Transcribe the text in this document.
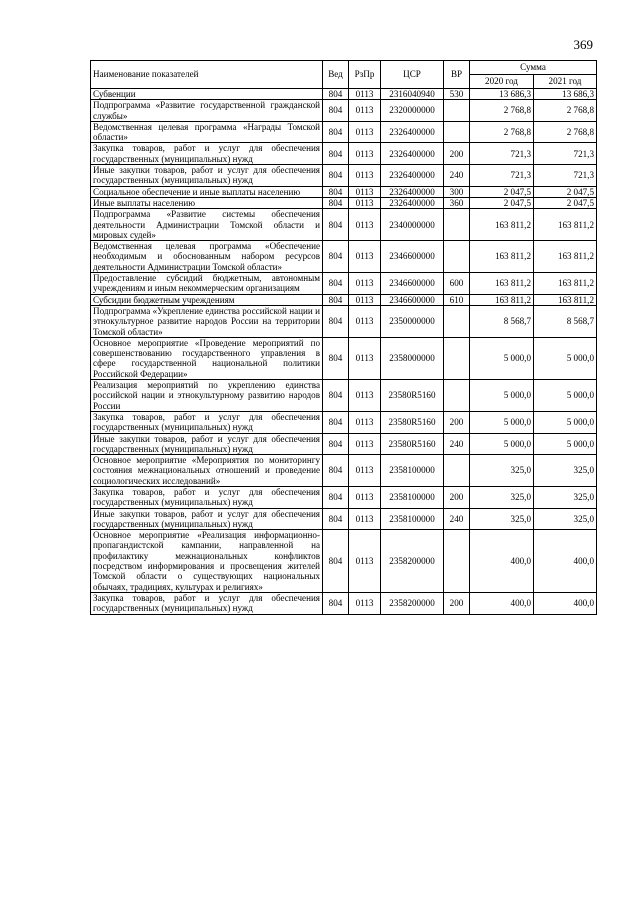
369
Наименование показателей	Вед	РзПр	ЦСР	ВР	Сумма	
					2020 год	2021 год
Субвенции	804	0113	2316040940	530	13 686,3	13 686,3
Подпрограмма «Развитие государственной гражданской службы»	804	0113	2320000000		2 768,8	2 768,8
Ведомственная целевая программа «Награды Томской области»	804	0113	2326400000		2 768,8	2 768,8
Закупка товаров, работ и услуг для обеспечения государственных (муниципальных) нужд	804	0113	2326400000	200	721,3	721,3
Иные закупки товаров, работ и услуг для обеспечения государственных (муниципальных) нужд	804	0113	2326400000	240	721,3	721,3
Социальное обеспечение и иные выплаты населению	804	0113	2326400000	300	2 047,5	2 047,5
Иные выплаты населению	804	0113	2326400000	360	2 047,5	2 047,5
Подпрограмма «Развитие системы обеспечения деятельности Администрации Томской области и мировых судей»	804	0113	2340000000		163 811,2	163 811,2
Ведомственная целевая программа «Обеспечение необходимым и обоснованным набором ресурсов деятельности Администрации Томской области»	804	0113	2346600000		163 811,2	163 811,2
Предоставление субсидий бюджетным, автономным учреждениям и иным некоммерческим организациям	804	0113	2346600000	600	163 811,2	163 811,2
Субсидии бюджетным учреждениям	804	0113	2346600000	610	163 811,2	163 811,2
Подпрограмма «Укрепление единства российской нации и этнокультурное развитие народов России на территории Томской области»	804	0113	2350000000		8 568,7	8 568,7
Основное мероприятие «Проведение мероприятий по совершенствованию государственного управления в сфере государственной национальной политики Российской Федерации»	804	0113	2358000000		5 000,0	5 000,0
Реализация мероприятий по укреплению единства российской нации и этнокультурному развитию народов России	804	0113	23580R5160		5 000,0	5 000,0
Закупка товаров, работ и услуг для обеспечения государственных (муниципальных) нужд	804	0113	23580R5160	200	5 000,0	5 000,0
Иные закупки товаров, работ и услуг для обеспечения государственных (муниципальных) нужд	804	0113	23580R5160	240	5 000,0	5 000,0
Основное мероприятие «Мероприятия по мониторингу состояния межнациональных отношений и проведение социологических исследований»	804	0113	2358100000		325,0	325,0
Закупка товаров, работ и услуг для обеспечения государственных (муниципальных) нужд	804	0113	2358100000	200	325,0	325,0
Иные закупки товаров, работ и услуг для обеспечения государственных (муниципальных) нужд	804	0113	2358100000	240	325,0	325,0
Основное мероприятие «Реализация информационно-пропагандистской кампании, направленной на профилактику межнациональных конфликтов посредством информирования и просвещения жителей Томской области о существующих национальных обычаях, традициях, культурах и религиях»	804	0113	2358200000		400,0	400,0
Закупка товаров, работ и услуг для обеспечения государственных (муниципальных) нужд	804	0113	2358200000	200	400,0	400,0
